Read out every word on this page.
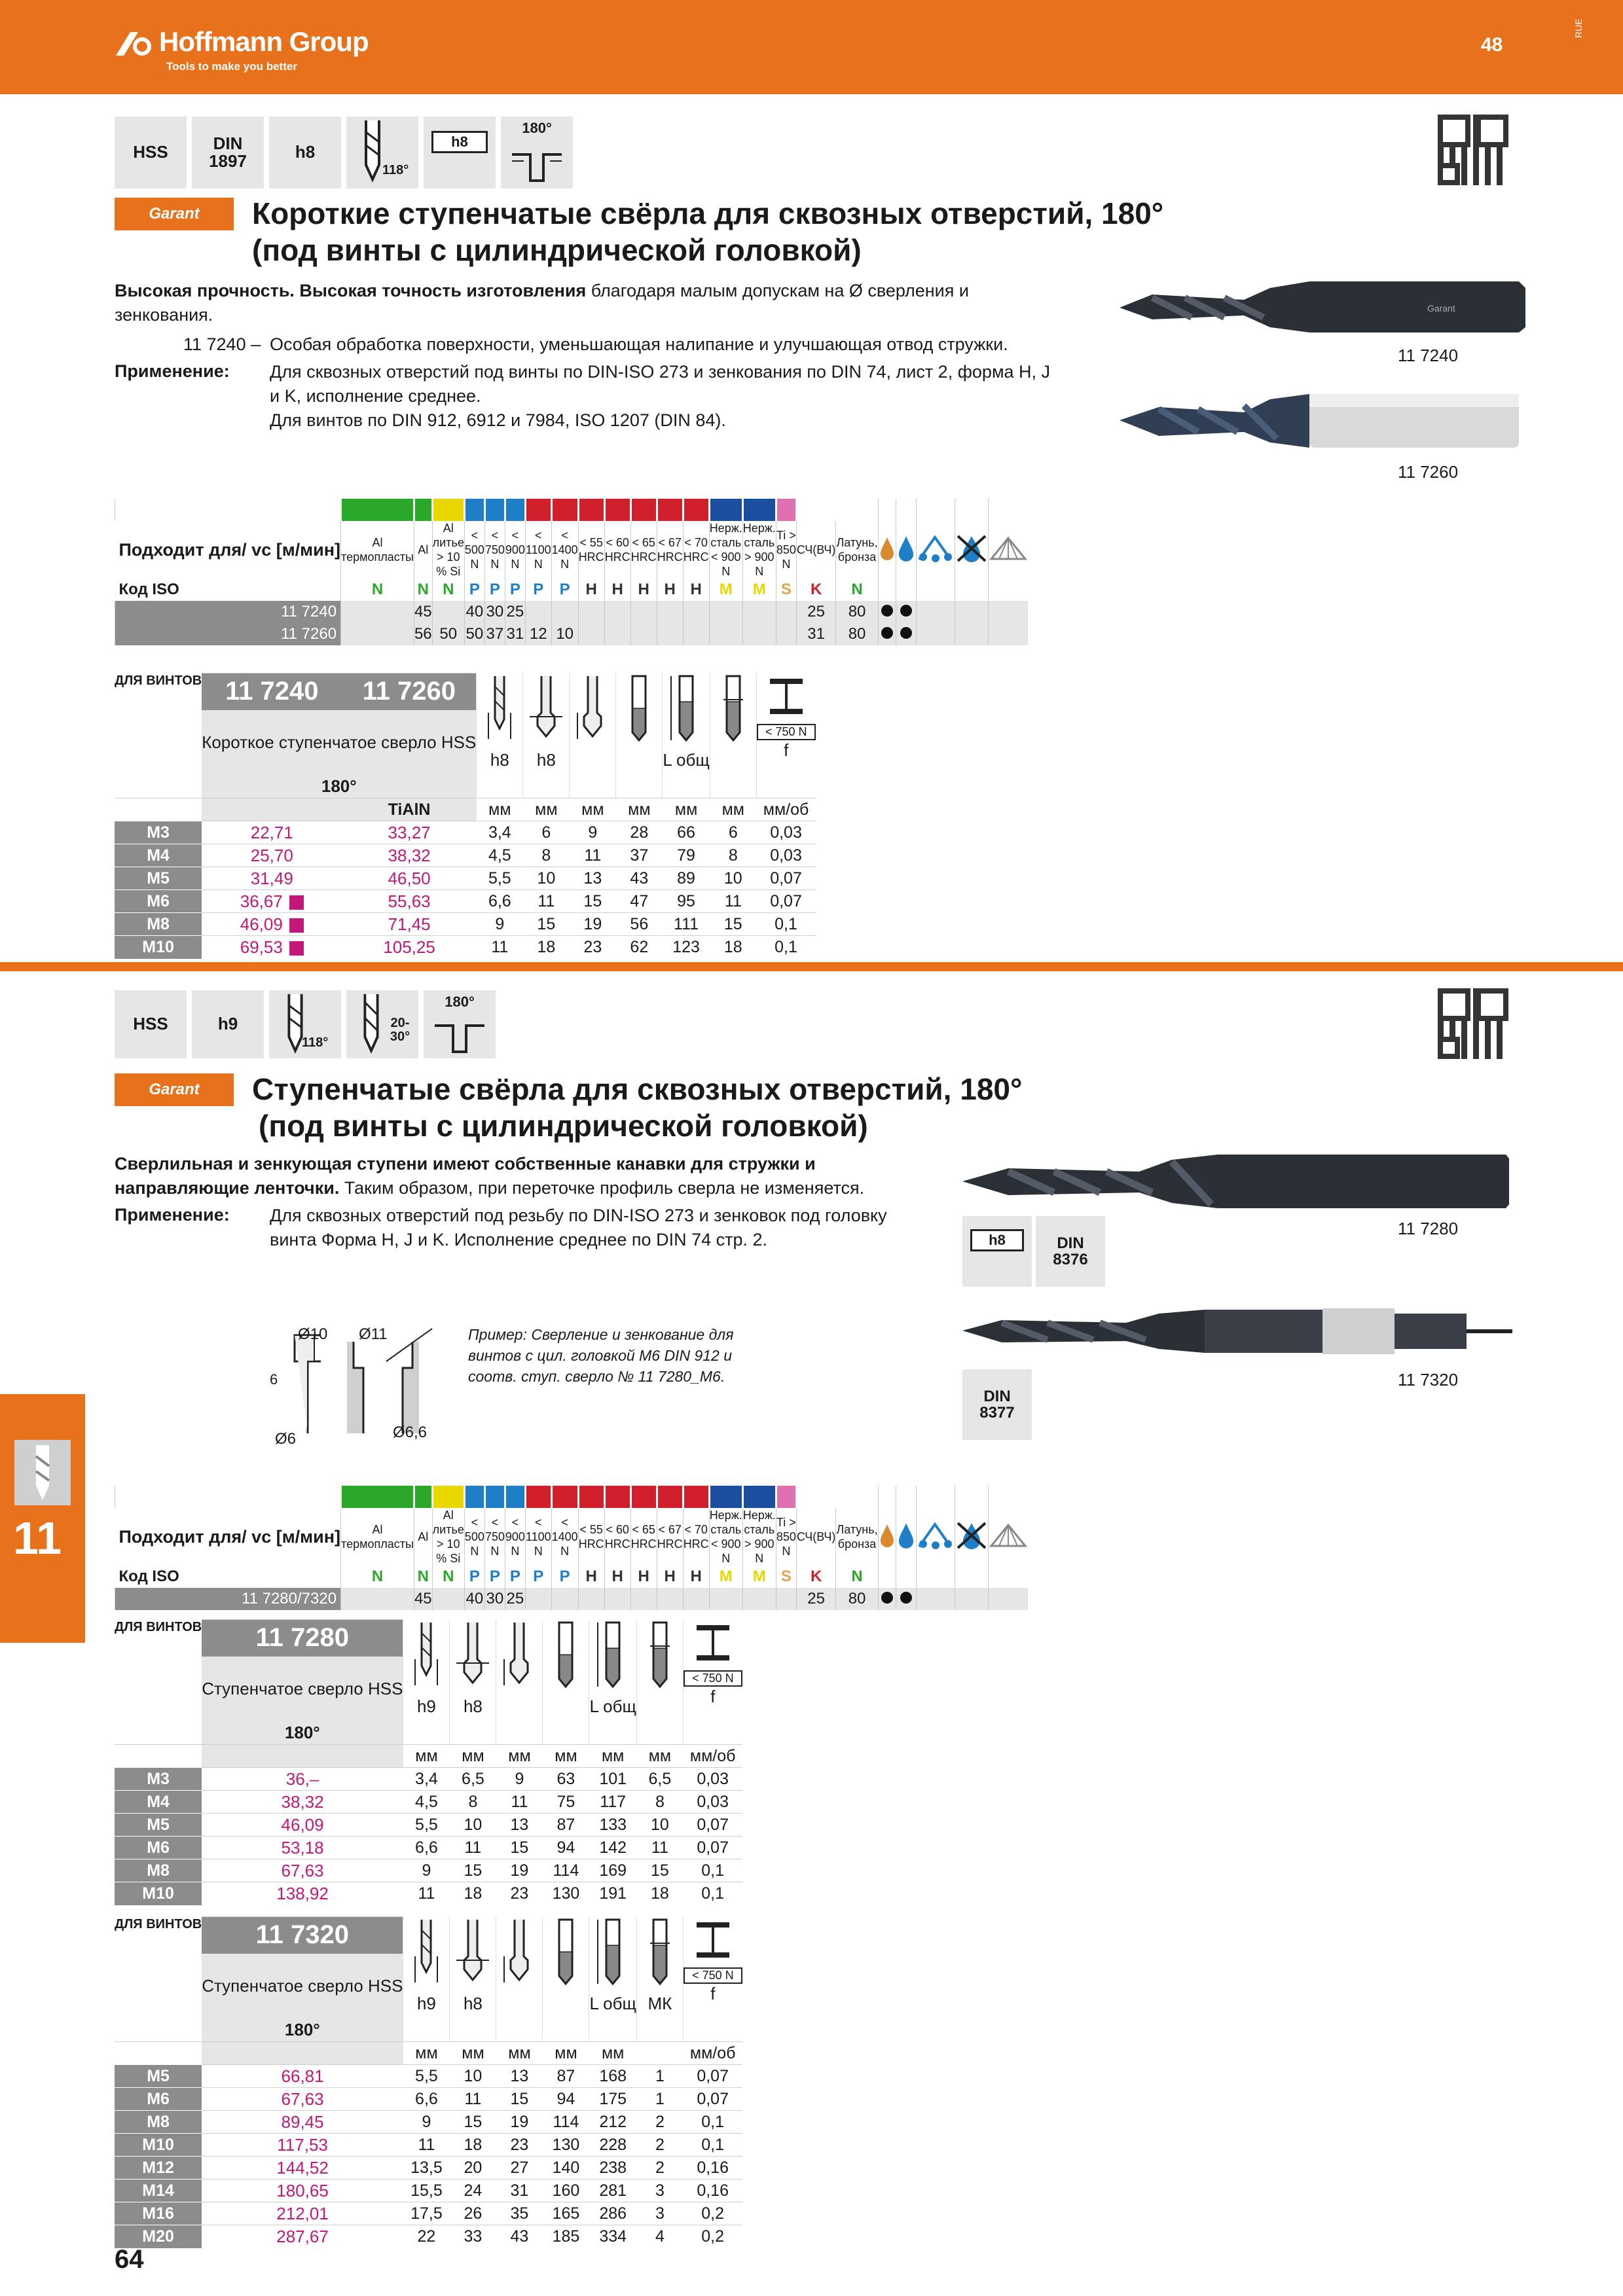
Hoffmann Group
Tools to make you better
48
RUE
HSS	DIN
1897	h8
118°
h8
180°
Garant	Короткие ступенчатые свёрла для сквозных отверстий, 180°
(под винты с цилиндрической головкой)
Высокая прочность. Высокая точность изготовления благодаря малым допускам на Ø сверления и
зенкования.
11 7240 – Особая обработка поверхности, уменьшающая налипание и улучшающая отвод стружки.
Применение: Для сквозных отверстий под винты по DIN-ISO 273 и зенкования по DIN 74, лист 2, форма H, J
и K, исполнение среднее.
Для винтов по DIN 912, 6912 и 7984, ISO 1207 (DIN 84).
Garant
11 7240
11 7260

Подходит для/ vc [м/мин]	Al термопласты	Al	Al литье > 10 % Si	< 500 N	< 750 N	< 900 N	< 1100 N	< 1400 N	< 55 HRC	< 60 HRC	< 65 HRC	< 67 HRC	< 70 HRC	Нерж. сталь < 900 N	Нерж. сталь > 900 N	Ti > 850 N	СЧ(ВЧ)	Латунь, бронза					
Код ISO	N	N	N	P	P	P	P	P	H	H	H	H	H	M	M	S	K	N					
11 7240		45		40	30	25											25	80					
11 7260		56	50	50	37	31	12	10									31	80					
ДЛЯ ВИНТОВ	11 7240	11 7260	h8	h8			L общ		< 750 N
f

	Короткое ступенчатое сверло HSS								
	180°								
		TiAlN	мм	мм	мм	мм	мм	мм	мм/об
M3	22,71	33,27	3,4	6	9	28	66	6	0,03
M4	25,70	38,32	4,5	8	11	37	79	8	0,03
M5	31,49	46,50	5,5	10	13	43	89	10	0,07
M6	36,67	55,63	6,6	11	15	47	95	11	0,07
M8	46,09	71,45	9	15	19	56	111	15	0,1
M10	69,53	105,25	11	18	23	62	123	18	0,1
HSS	h9
118°
20-30°
180°
Garant	Ступенчатые свёрла для сквозных отверстий, 180°
(под винты с цилиндрической головкой)
Сверлильная и зенкующая ступени имеют собственные канавки для стружки и
направляющие ленточки. Таким образом, при переточке профиль сверла не изменяется.
Применение: Для сквозных отверстий под резьбу по DIN-ISO 273 и зенковок под головку
винта Форма H, J и K. Исполнение среднее по DIN 74 стр. 2.
11 7280
h8	DIN
8376
11 7320
DIN
8377
Ø10 Ø11
6
Ø6	Ø6,6
Пример: Сверление и зенкование для винтов с цил. головкой М6 DIN 912 и соотв. ступ. сверло № 11 7280_М6.

Подходит для/ vc [м/мин]	Al термопласты	Al	Al литье > 10 % Si	< 500 N	< 750 N	< 900 N	< 1100 N	< 1400 N	< 55 HRC	< 60 HRC	< 65 HRC	< 67 HRC	< 70 HRC	Нерж. сталь < 900 N	Нерж. сталь > 900 N	Ti > 850 N	СЧ(ВЧ)	Латунь, бронза					
Код ISO	N	N	N	P	P	P	P	P	H	H	H	H	H	M	M	S	K	N					
11 7280/7320		45		40	30	25											25	80					
ДЛЯ ВИНТОВ	11 7280	h9	h8			L общ		< 750 N
f

	Ступенчатое сверло HSS							
	180°							
		мм	мм	мм	мм	мм	мм	мм/об
M3	36,–	3,4	6,5	9	63	101	6,5	0,03
M4	38,32	4,5	8	11	75	117	8	0,03
M5	46,09	5,5	10	13	87	133	10	0,07
M6	53,18	6,6	11	15	94	142	11	0,07
M8	67,63	9	15	19	114	169	15	0,1
M10	138,92	11	18	23	130	191	18	0,1
ДЛЯ ВИНТОВ	11 7320	h9	h8			L общ	МК	< 750 N
f

	Ступенчатое сверло HSS							
	180°							
		мм	мм	мм	мм	мм		мм/об
M5	66,81	5,5	10	13	87	168	1	0,07
M6	67,63	6,6	11	15	94	175	1	0,07
M8	89,45	9	15	19	114	212	2	0,1
M10	117,53	11	18	23	130	228	2	0,1
M12	144,52	13,5	20	27	140	238	2	0,16
M14	180,65	15,5	24	31	160	281	3	0,16
M16	212,01	17,5	26	35	165	286	3	0,2
M20	287,67	22	33	43	185	334	4	0,2
11
64
